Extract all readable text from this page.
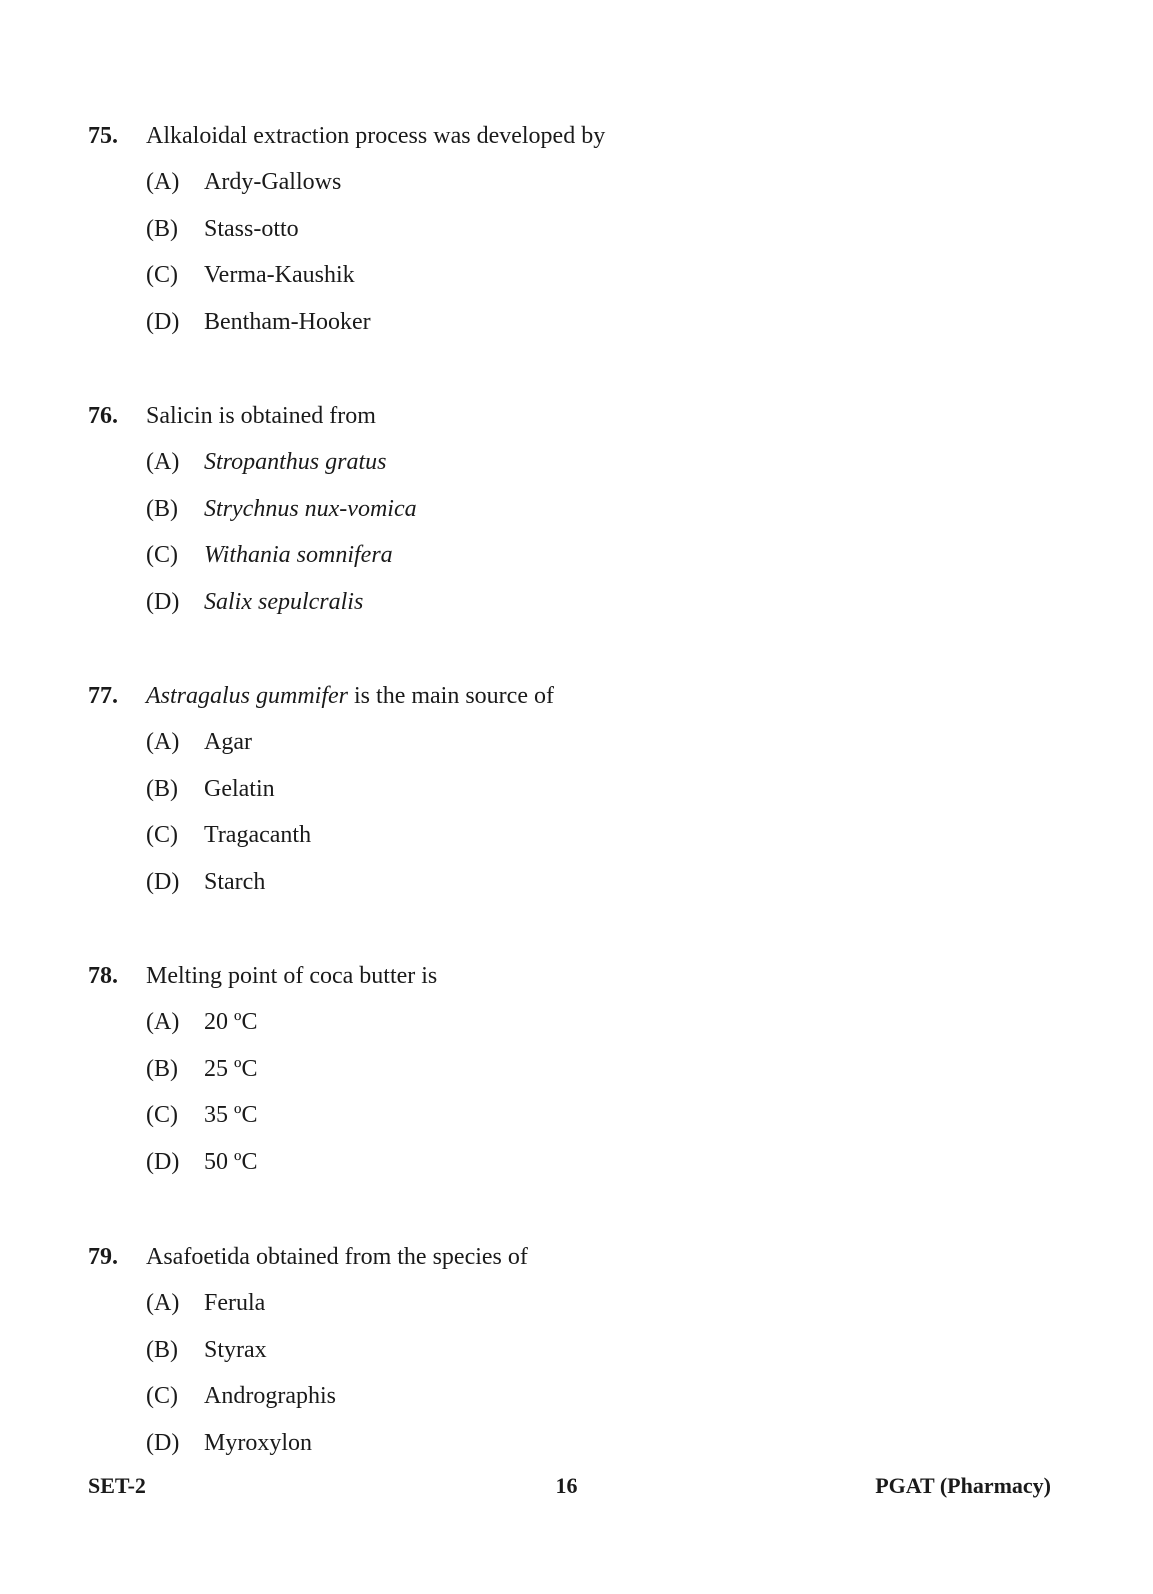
75. Alkaloidal extraction process was developed by
(A) Ardy-Gallows
(B) Stass-otto
(C) Verma-Kaushik
(D) Bentham-Hooker
76. Salicin is obtained from
(A) Stropanthus gratus
(B) Strychnus nux-vomica
(C) Withania somnifera
(D) Salix sepulcralis
77. Astragalus gummifer is the main source of
(A) Agar
(B) Gelatin
(C) Tragacanth
(D) Starch
78. Melting point of coca butter is
(A) 20 ºC
(B) 25 ºC
(C) 35 ºC
(D) 50 ºC
79. Asafoetida obtained from the species of
(A) Ferula
(B) Styrax
(C) Andrographis
(D) Myroxylon
SET-2	16	PGAT (Pharmacy)
